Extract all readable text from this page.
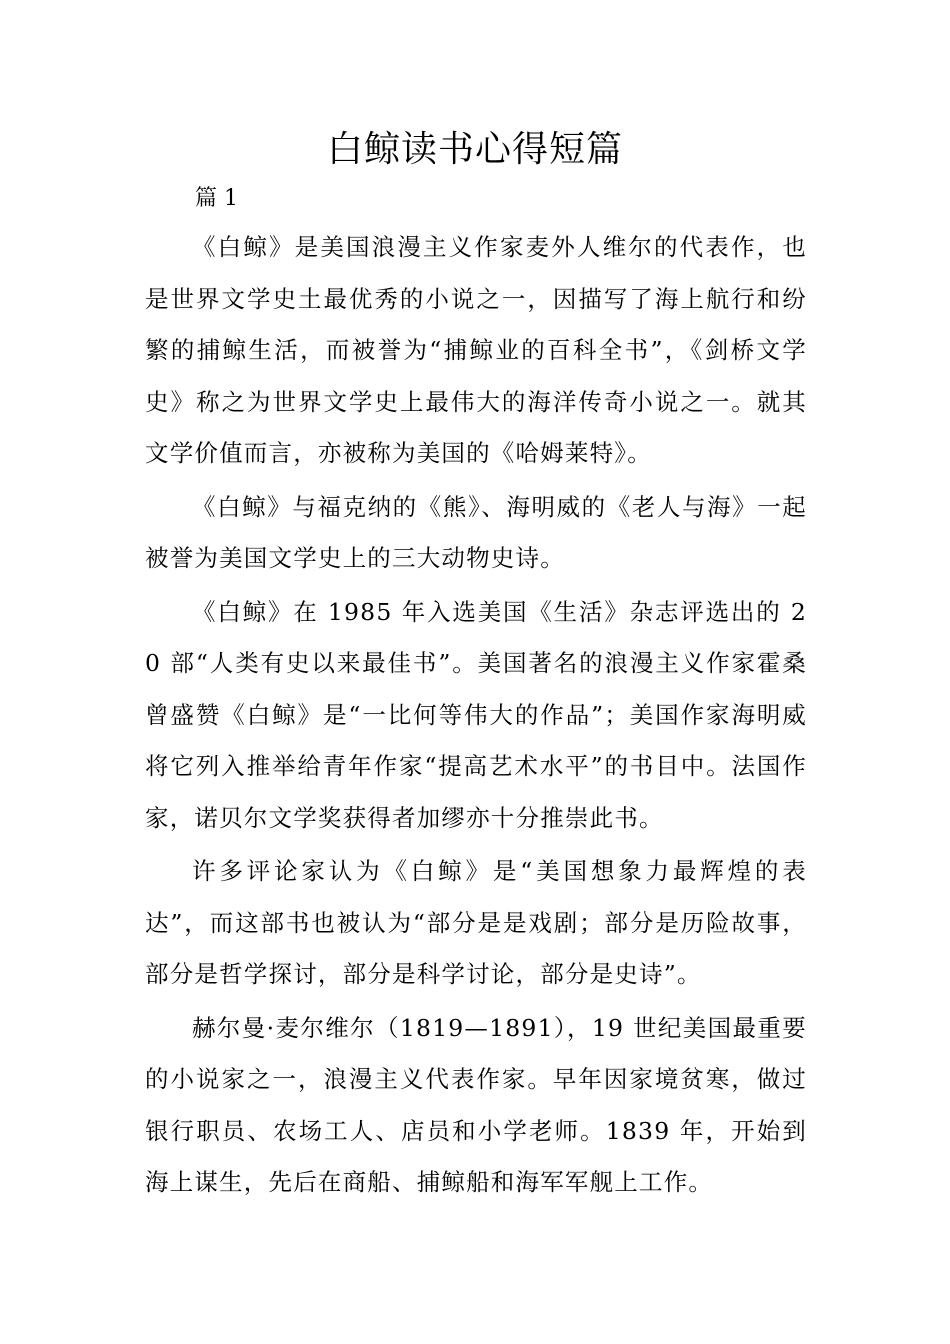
白鲸读书心得短篇

篇 1

《白鲸》是美国浪漫主义作家麦外人维尔的代表作，也是世界文学史土最优秀的小说之一，因描写了海上航行和纷繁的捕鲸生活，而被誉为“捕鲸业的百科全书”，《剑桥文学史》称之为世界文学史上最伟大的海洋传奇小说之一。就其文学价值而言，亦被称为美国的《哈姆莱特》。

《白鲸》与福克纳的《熊》、海明威的《老人与海》一起被誉为美国文学史上的三大动物史诗。

《白鲸》在 1985 年入选美国《生活》杂志评选出的 20 部“人类有史以来最佳书”。美国著名的浪漫主义作家霍桑曾盛赞《白鲸》是“一比何等伟大的作品”；美国作家海明威将它列入推举给青年作家“提高艺术水平”的书目中。法国作家，诺贝尔文学奖获得者加缪亦十分推崇此书。

许多评论家认为《白鲸》是“美国想象力最辉煌的表达”，而这部书也被认为“部分是是戏剧；部分是历险故事，部分是哲学探讨，部分是科学讨论，部分是史诗”。

赫尔曼·麦尔维尔（1819—1891），19 世纪美国最重要的小说家之一，浪漫主义代表作家。早年因家境贫寒，做过银行职员、农场工人、店员和小学老师。1839 年，开始到海上谋生，先后在商船、捕鲸船和海军军舰上工作。
